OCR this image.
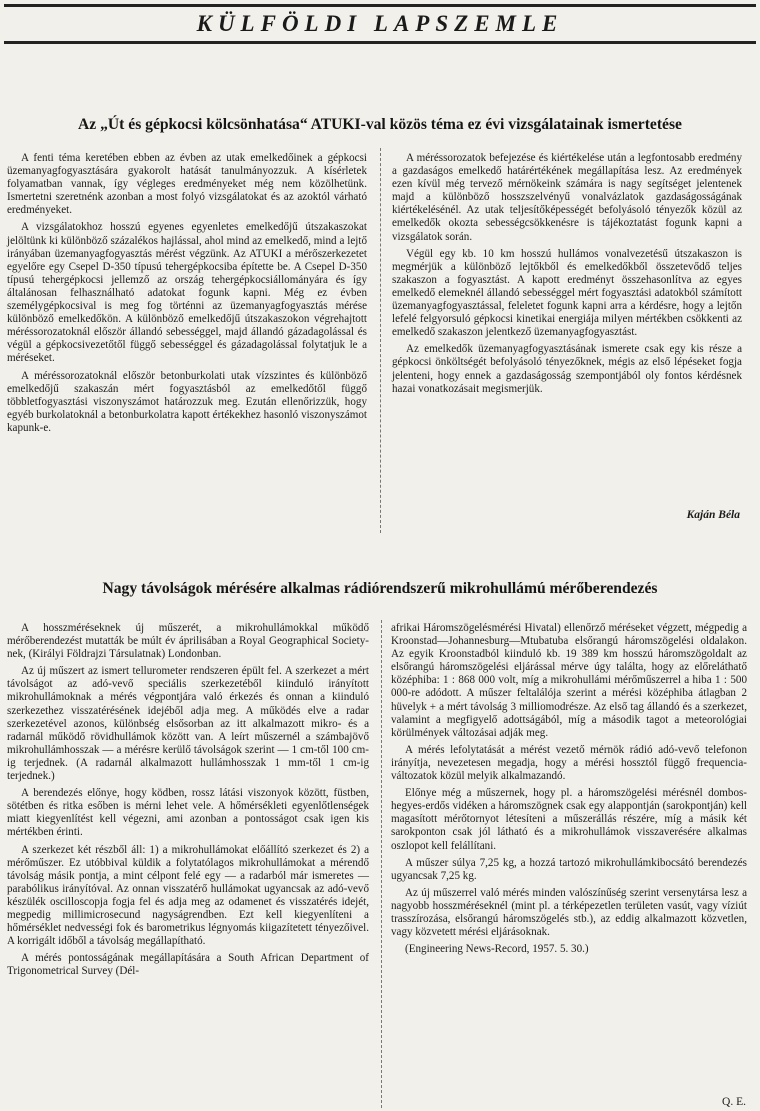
KÜLFÖLDI LAPSZEMLE
Az „Út és gépkocsi kölcsönhatása“ ATUKI-val közös téma ez évi vizsgálatainak ismertetése

A fenti téma keretében ebben az évben az utak emelkedőinek a gépkocsi üzemanyagfogyasztására gyakorolt hatását tanulmányozzuk. A kísérletek folyamatban vannak, így végleges eredményeket még nem közölhetünk. Ismertetni szeretnénk azonban a most folyó vizsgálatokat és az azoktól várható eredményeket.

A vizsgálatokhoz hosszú egyenes egyenletes emelkedőjű útszakaszokat jelöltünk ki különböző százalékos hajlással, ahol mind az emelkedő, mind a lejtő irányában üzemanyagfogyasztás mérést végzünk. Az ATUKI a mérőszerkezetet egyelőre egy Csepel D-350 típusú tehergépkocsiba építette be. A Csepel D-350 típusú tehergépkocsi jellemző az ország tehergépkocsiállományára és így általánosan felhasználható adatokat fogunk kapni. Még ez évben személygépkocsival is meg fog történni az üzemanyagfogyasztás mérése különböző emelkedőkön. A különböző emelkedőjű útszakaszokon végrehajtott méréssorozatoknál először állandó sebességgel, majd állandó gázadagolással és végül a gépkocsivezetőtől függő sebességgel és gázadagolással folytatjuk le a méréseket.

A méréssorozatoknál először betonburkolati utak vízszintes és különböző emelkedőjű szakaszán mért fogyasztásból az emelkedőtől függő többletfogyasztási viszonyszámot határozzuk meg. Ezután ellenőrizzük, hogy egyéb burkolatoknál a betonburkolatra kapott értékekhez hasonló viszonyszámot kapunk-e.

A méréssorozatok befejezése és kiértékelése után a legfontosabb eredmény a gazdaságos emelkedő határértékének megállapítása lesz. Az eredmények ezen kívül még tervező mérnökeink számára is nagy segítséget jelentenek majd a különböző hosszszelvényű vonalvázlatok gazdaságosságának kiértékelésénél. Az utak teljesítőképességét befolyásoló tényezők közül az emelkedők okozta sebességcsökkenésre is tájékoztatást fogunk kapni a vizsgálatok során.

Végül egy kb. 10 km hosszú hullámos vonalvezetésű útszakaszon is megmérjük a különböző lejtőkből és emelkedőkből összetevődő teljes szakaszon a fogyasztást. A kapott eredményt összehasonlítva az egyes emelkedő elemeknél állandó sebességgel mért fogyasztási adatokból számított üzemanyagfogyasztással, feleletet fogunk kapni arra a kérdésre, hogy a lejtőn lefelé felgyorsuló gépkocsi kinetikai energiája milyen mértékben csökkenti az emelkedő szakaszon jelentkező üzemanyagfogyasztást.

Az emelkedők üzemanyagfogyasztásának ismerete csak egy kis része a gépkocsi önköltségét befolyásoló tényezőknek, mégis az első lépéseket fogja jelenteni, hogy ennek a gazdaságosság szempontjából oly fontos kérdésnek hazai vonatkozásait megismerjük.

Kaján Béla
Nagy távolságok mérésére alkalmas rádiórendszerű mikrohullámú mérőberendezés

A hosszméréseknek új műszerét, a mikrohullámokkal működő mérőberendezést mutatták be múlt év áprilisában a Royal Geographical Society-nek, (Királyi Földrajzi Társulatnak) Londonban.

Az új műszert az ismert tellurometer rendszeren épült fel. A szerkezet a mért távolságot az adó-vevő speciális szerkezetéből kiinduló irányított mikrohullámoknak a mérés végpontjára való érkezés és onnan a kiinduló szerkezethez visszatérésének idejéből adja meg. A működés elve a radar szerkezetével azonos, különbség elsősorban az itt alkalmazott mikro- és a radarnál működő rövidhullámok között van. A leírt műszernél a számbajövő mikrohullámhosszak — a mérésre kerülő távolságok szerint — 1 cm-től 100 cm-ig terjednek. (A radarnál alkalmazott hullámhosszak 1 mm-től 1 cm-ig terjednek.)

A berendezés előnye, hogy ködben, rossz látási viszonyok között, füstben, sötétben és ritka esőben is mérni lehet vele. A hőmérsékleti egyenlőtlenségek miatt kiegyenlítést kell végezni, ami azonban a pontosságot csak igen kis mértékben érinti.

A szerkezet két részből áll: 1) a mikrohullámokat előállító szerkezet és 2) a mérőműszer. Ez utóbbival küldik a folytatólagos mikrohullámokat a mérendő távolság másik pontja, a mint célpont felé egy — a radarból már ismeretes — parabólikus irányítóval. Az onnan visszatérő hullámokat ugyancsak az adó-vevő készülék oscilloscopja fogja fel és adja meg az odamenet és visszatérés idejét, megpedig millimicrosecund nagyságrendben. Ezt kell kiegyenlíteni a hőmérséklet nedvességi fok és barometrikus légnyomás kiigazítetett tényezőivel. A korrigált időből a távolság megállapítható.

A mérés pontosságának megállapítására a South African Department of Trigonometrical Survey (Dél-

afrikai Háromszögelésmérési Hivatal) ellenőrző méréseket végzett, mégpedig a Kroonstad—Johannesburg—Mtubatuba elsőrangú háromszögelési oldalakon. Az egyik Kroonstadból kiinduló kb. 19 389 km hosszú háromszögoldalt az elsőrangú háromszögelési eljárással mérve úgy találta, hogy az előreláthatő középhiba: 1 : 868 000 volt, míg a mikrohullámi mérőműszerrel a hiba 1 : 500 000-re adódott. A műszer feltalálója szerint a mérési középhiba átlagban 2 hüvelyk + a mért távolság 3 milliomodrésze. Az első tag állandó és a szerkezet, valamint a megfigyelő adottságából, míg a második tagot a meteorológiai körülmények változásai adják meg.

A mérés lefolytatását a mérést vezető mérnök rádió adó-vevő telefonon irányítja, nevezetesen megadja, hogy a mérési hossztól függő frequencia-változatok közül melyik alkalmazandó.

Előnye még a műszernek, hogy pl. a háromszögelési mérésnél dombos-hegyes-erdős vidéken a háromszögnek csak egy alappontján (sarokpontján) kell magasított mérőtornyot létesíteni a műszerállás részére, míg a másik két sarokponton csak jól látható és a mikrohullámok visszaverésére alkalmas oszlopot kell felállítani.

A műszer súlya 7,25 kg, a hozzá tartozó mikrohullámkibocsátó berendezés ugyancsak 7,25 kg.

Az új műszerrel való mérés minden valószínűség szerint versenytársa lesz a nagyobb hosszméréseknél (mint pl. a térképezetlen területen vasút, vagy víziút trasszírozása, elsőrangú háromszögelés stb.), az eddig alkalmazott közvetlen, vagy közvetett mérési eljárásoknak.

(Engineering News-Record, 1957. 5. 30.)

Q. E.
